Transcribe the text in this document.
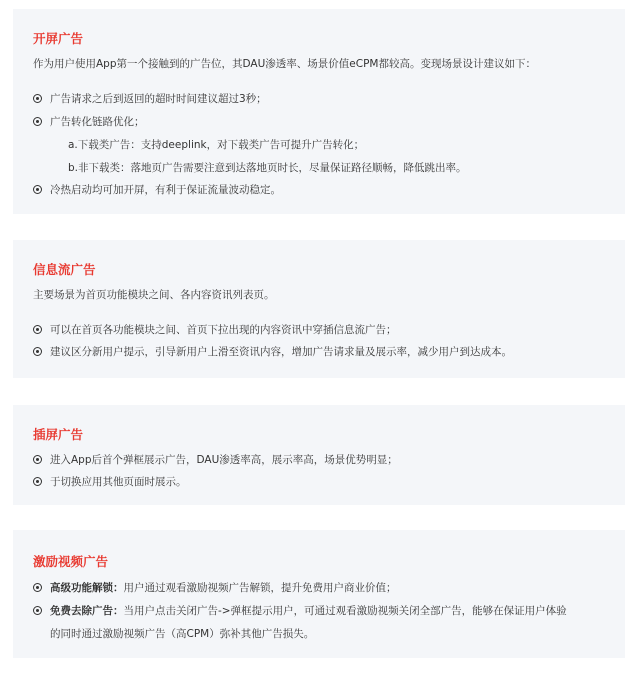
开屏广告
作为用户使用App第一个接触到的广告位，其DAU渗透率、场景价值eCPM都较高。变现场景设计建议如下：
广告请求之后到返回的超时时间建议超过3秒；
广告转化链路优化；
a.下载类广告：支持deeplink，对下载类广告可提升广告转化；
b.非下载类：落地页广告需要注意到达落地页时长，尽量保证路径顺畅，降低跳出率。
冷热启动均可加开屏，有利于保证流量波动稳定。
信息流广告
主要场景为首页功能模块之间、各内容资讯列表页。
可以在首页各功能模块之间、首页下拉出现的内容资讯中穿插信息流广告；
建议区分新用户提示，引导新用户上滑至资讯内容，增加广告请求量及展示率，减少用户到达成本。
插屏广告
进入App后首个弹框展示广告，DAU渗透率高，展示率高，场景优势明显；
于切换应用其他页面时展示。
激励视频广告
高级功能解锁：用户通过观看激励视频广告解锁，提升免费用户商业价值；
免费去除广告：当用户点击关闭广告->弹框提示用户，可通过观看激励视频关闭全部广告，能够在保证用户体验
的同时通过激励视频广告（高CPM）弥补其他广告损失。
